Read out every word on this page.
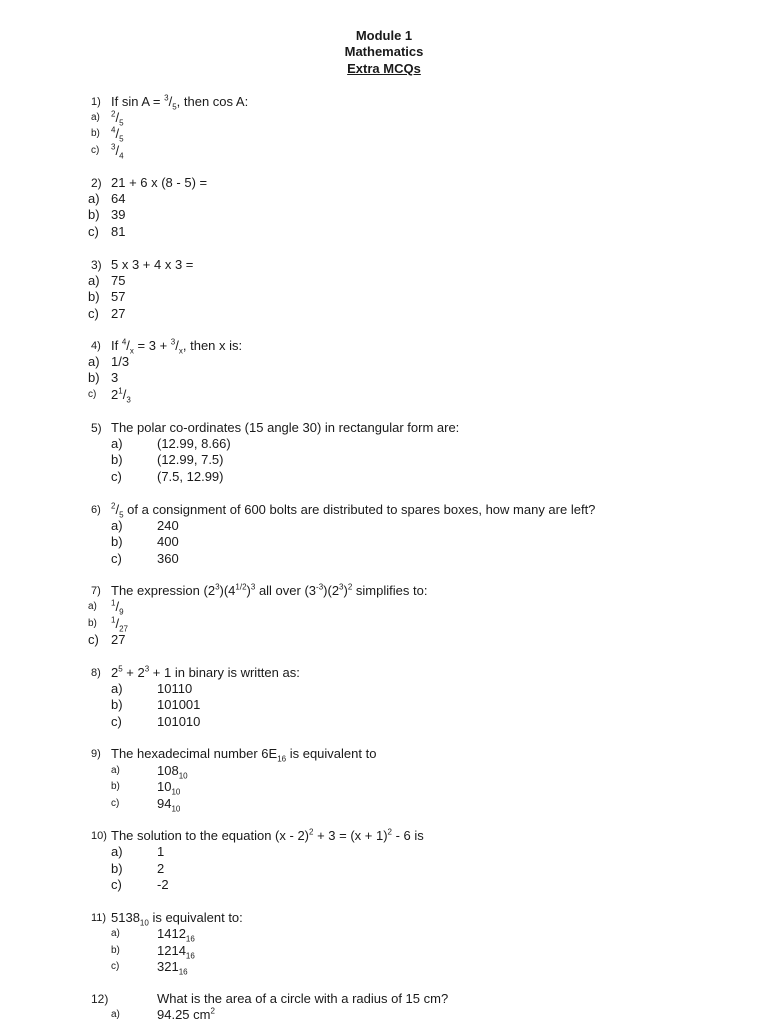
Module 1
Mathematics
Extra MCQs
1) If $\sin A = ^3/_5$, then cos A:
a) $^2/_5$
b) $^4/_5$
c) $^3/_4$
2) 21 + 6 x (8 - 5) =
a) 64
b) 39
c) 81
3) 5 x 3 + 4 x 3 =
a) 75
b) 57
c) 27
4) If $^4/_x = 3 + ^3/_x$, then x is:
a) 1/3
b) 3
c) $2^1/_3$
5) The polar co-ordinates (15 angle 30) in rectangular form are:
a)	(12.99, 8.66)
b)	(12.99, 7.5)
c)	(7.5, 12.99)
6) $^2/_5$ of a consignment of 600 bolts are distributed to spares boxes, how many are left?
a)	240
b)	400
c)	360
7) The expression $(2^3)(4^{1/2})^3$ all over $(3^{-3})(2^3)^2$ simplifies to:
a) $^1/_9$
b) $^1/_{27}$
c) 27
8) $2^5 + 2^3 + 1$ in binary is written as:
a)	10110
b)	101001
c)	101010
9) The hexadecimal number $6E_{16}$ is equivalent to
a)	$108_{10}$
b)	$10_{10}$
c)	$94_{10}$
10) The solution to the equation $(x - 2)^2 + 3 = (x + 1)^2 - 6$ is
a)	1
b)	2
c)	-2
11) $5138_{10}$ is equivalent to:
a)	$1412_{16}$
b)	$1214_{16}$
c)	$321_{16}$
12)	What is the area of a circle with a radius of 15 cm?
a)	94.25 $cm^2$
